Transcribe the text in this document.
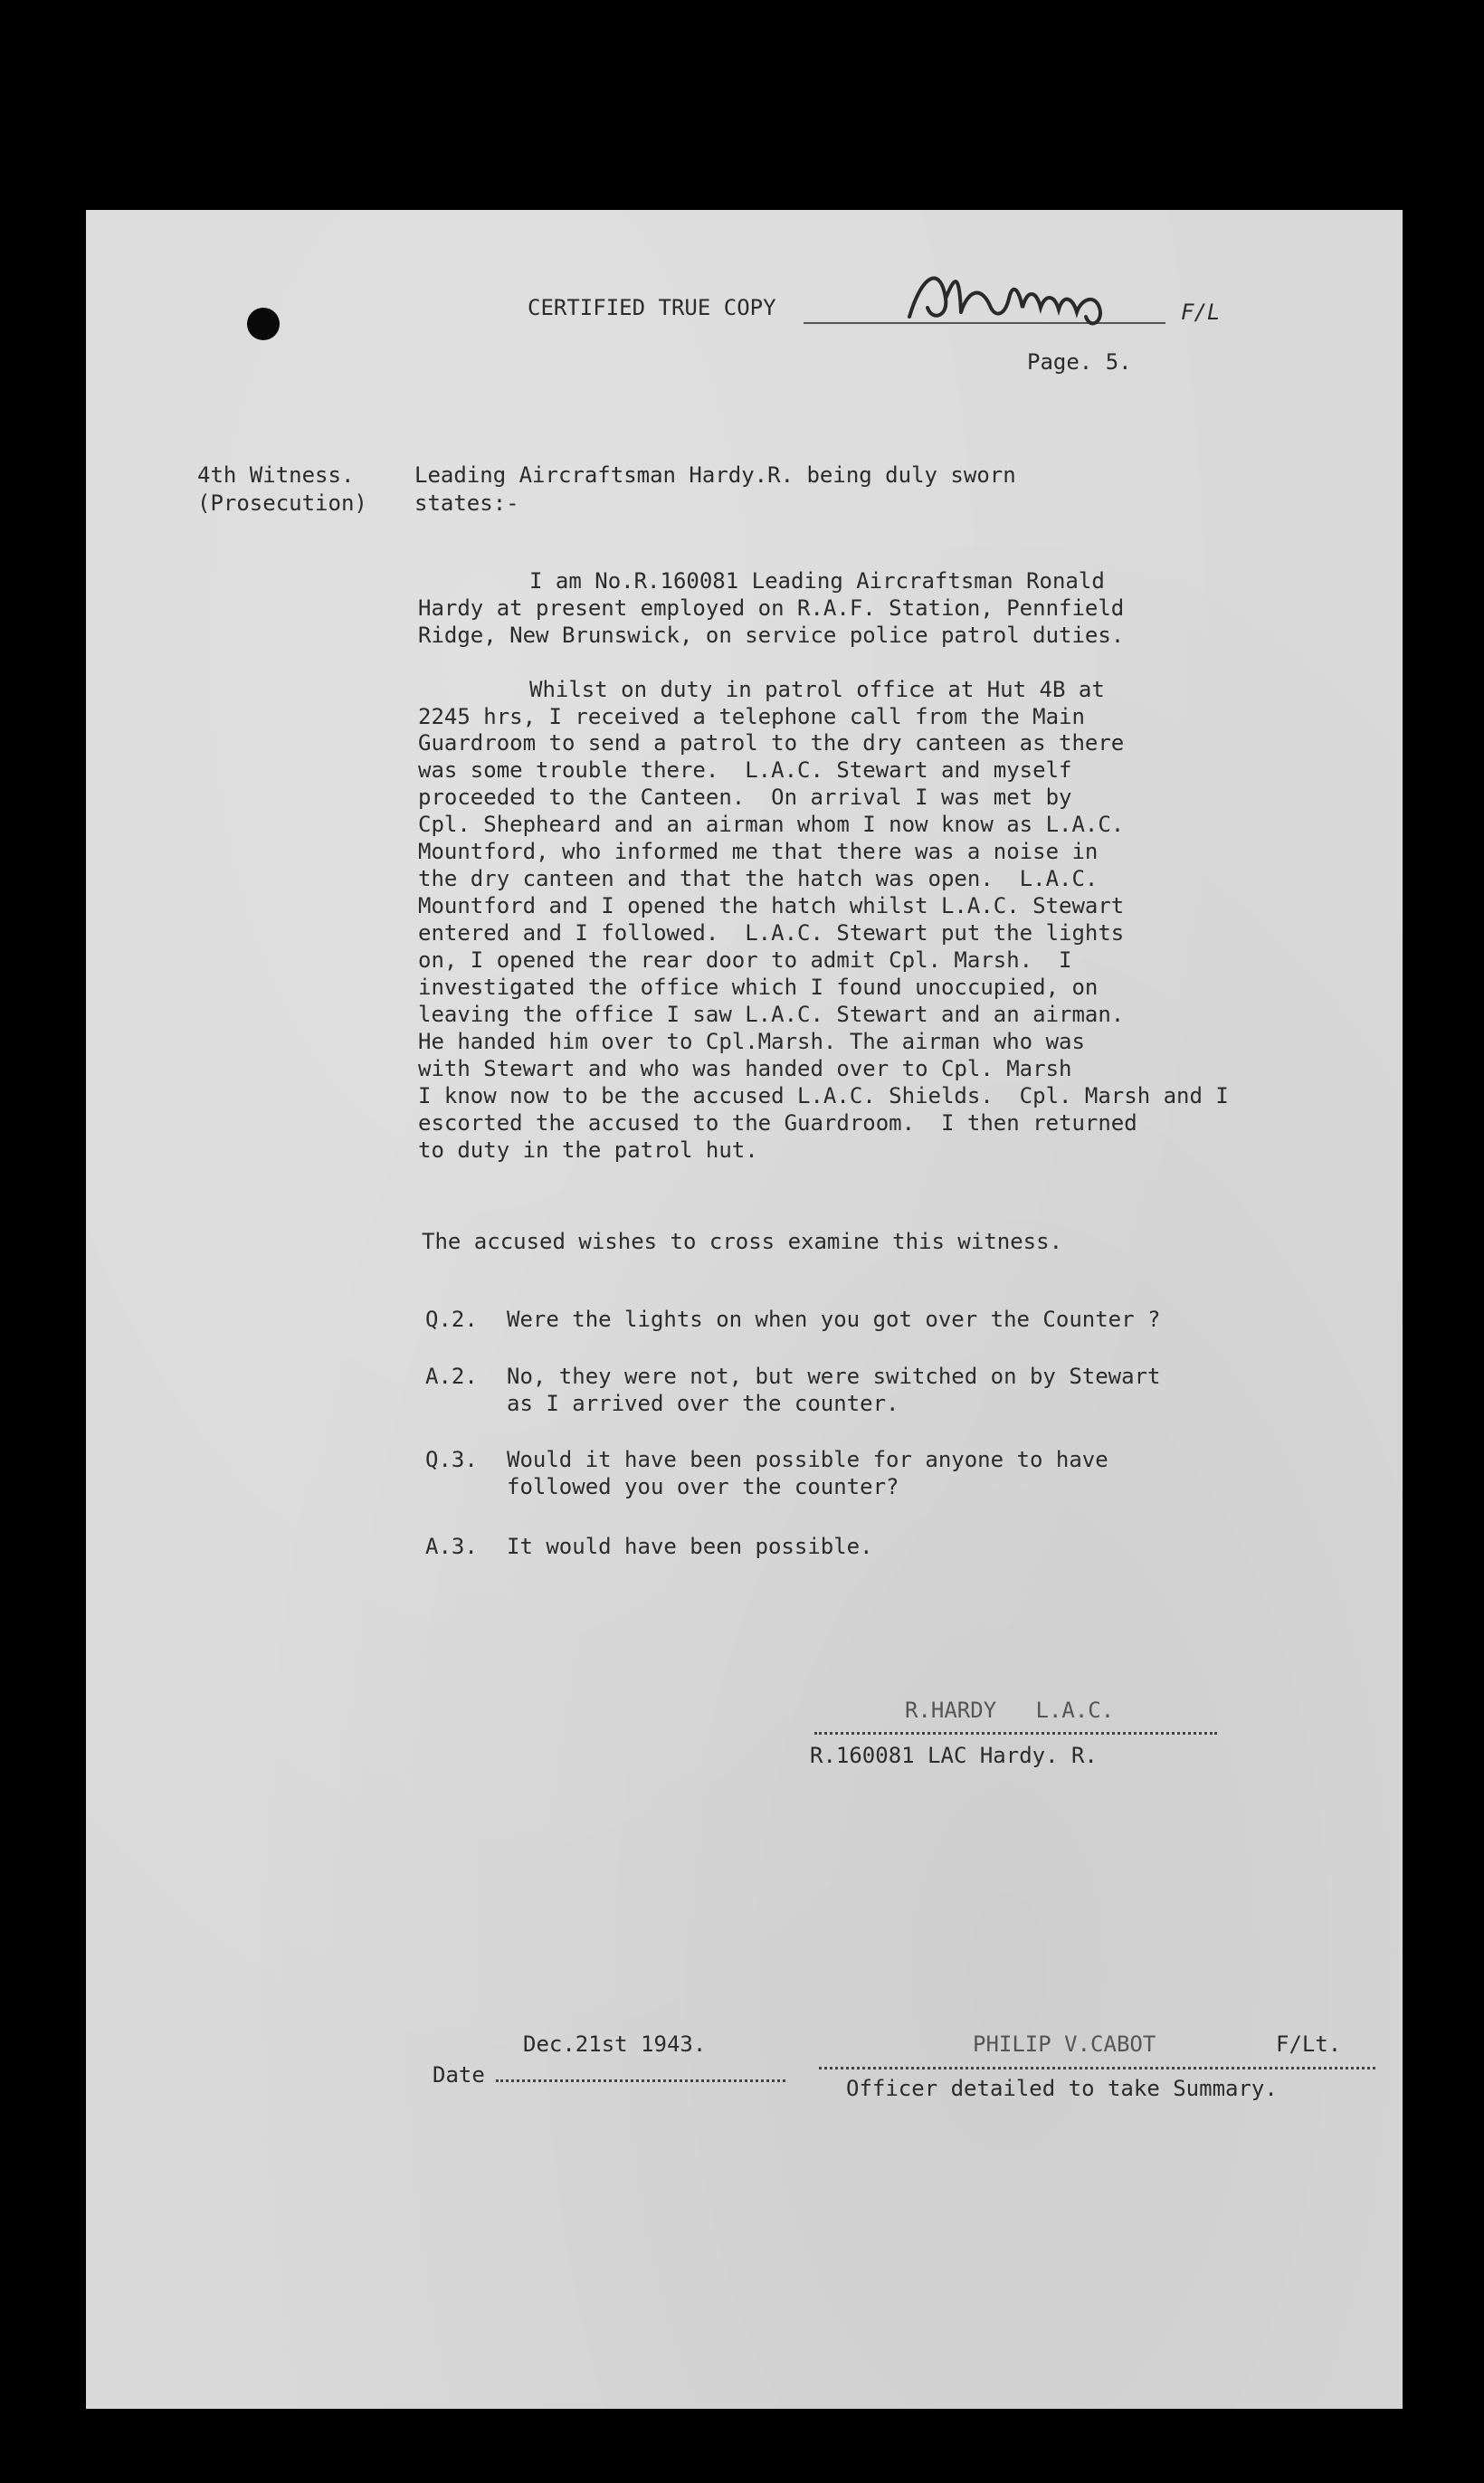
CERTIFIED TRUE COPY	F/L
Page. 5.
4th Witness.
(Prosecution)
Leading Aircraftsman Hardy.R. being duly sworn
states:-
I am No.R.160081 Leading Aircraftsman Ronald
Hardy at present employed on R.A.F. Station, Pennfield
Ridge, New Brunswick, on service police patrol duties.
Whilst on duty in patrol office at Hut 4B at
2245 hrs, I received a telephone call from the Main
Guardroom to send a patrol to the dry canteen as there
was some trouble there.  L.A.C. Stewart and myself
proceeded to the Canteen.  On arrival I was met by
Cpl. Shepheard and an airman whom I now know as L.A.C.
Mountford, who informed me that there was a noise in
the dry canteen and that the hatch was open.  L.A.C.
Mountford and I opened the hatch whilst L.A.C. Stewart
entered and I followed.  L.A.C. Stewart put the lights
on, I opened the rear door to admit Cpl. Marsh.  I
investigated the office which I found unoccupied, on
leaving the office I saw L.A.C. Stewart and an airman.
He handed him over to Cpl.Marsh. The airman who was
with Stewart and who was handed over to Cpl. Marsh
I know now to be the accused L.A.C. Shields.  Cpl. Marsh and I
escorted the accused to the Guardroom.  I then returned
to duty in the patrol hut.
The accused wishes to cross examine this witness.
Q.2. Were the lights on when you got over the Counter ?
A.2. No, they were not, but were switched on by Stewart
as I arrived over the counter.
Q.3. Would it have been possible for anyone to have
followed you over the counter?
A.3. It would have been possible.
R.HARDY   L.A.C.
R.160081 LAC Hardy. R.
Dec.21st 1943.
Date
PHILIP V.CABOT	F/Lt.
Officer detailed to take Summary.
